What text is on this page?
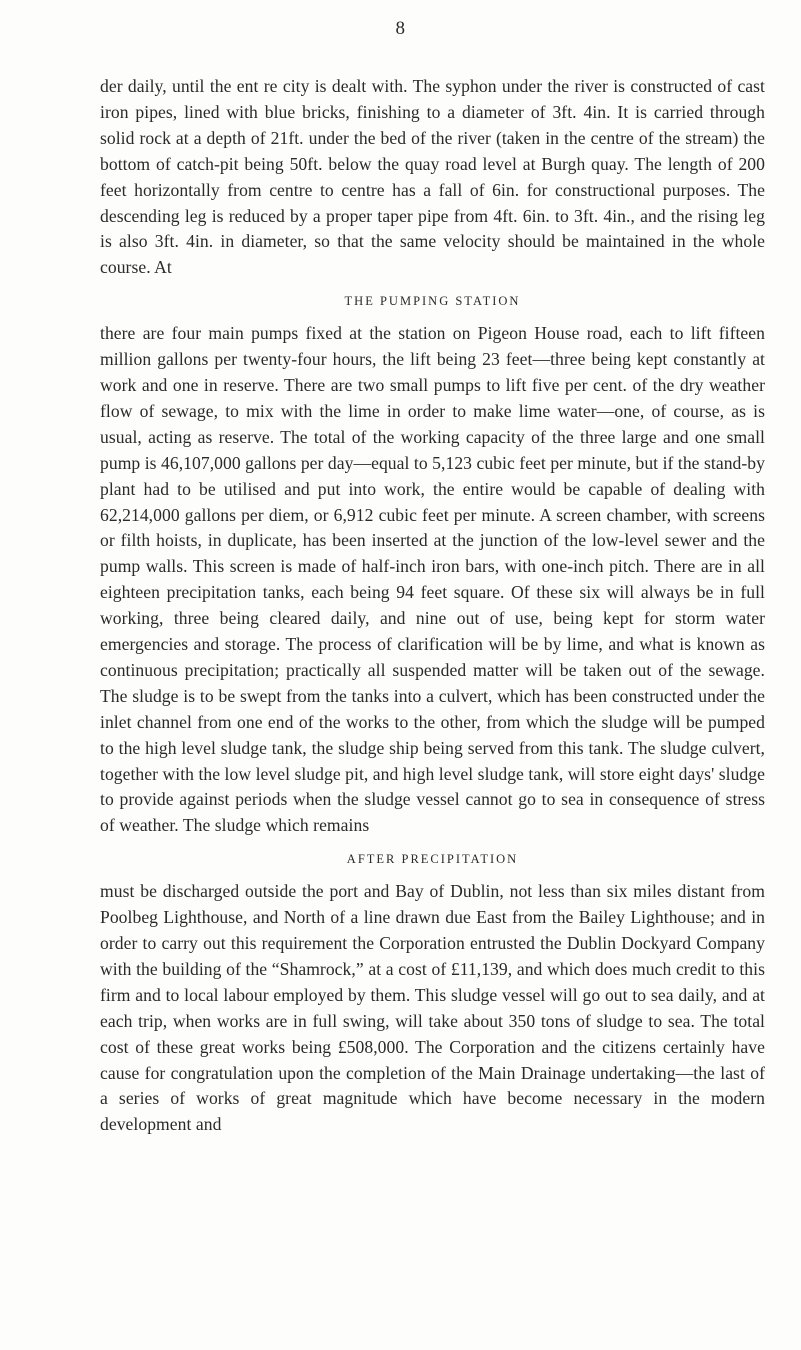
8

der daily, until the ent re city is dealt with. The syphon under the river is constructed of cast iron pipes, lined with blue bricks, finishing to a diameter of 3ft. 4in. It is carried through solid rock at a depth of 21ft. under the bed of the river (taken in the centre of the stream) the bottom of catch-pit being 50ft. below the quay road level at Burgh quay. The length of 200 feet horizontally from centre to centre has a fall of 6in. for constructional purposes. The descending leg is reduced by a proper taper pipe from 4ft. 6in. to 3ft. 4in., and the rising leg is also 3ft. 4in. in diameter, so that the same velocity should be maintained in the whole course. At

THE PUMPING STATION

there are four main pumps fixed at the station on Pigeon House road, each to lift fifteen million gallons per twenty-four hours, the lift being 23 feet—three being kept constantly at work and one in reserve. There are two small pumps to lift five per cent. of the dry weather flow of sewage, to mix with the lime in order to make lime water—one, of course, as is usual, acting as reserve. The total of the working capacity of the three large and one small pump is 46,107,000 gallons per day—equal to 5,123 cubic feet per minute, but if the stand-by plant had to be utilised and put into work, the entire would be capable of dealing with 62,214,000 gallons per diem, or 6,912 cubic feet per minute. A screen chamber, with screens or filth hoists, in duplicate, has been inserted at the junction of the low-level sewer and the pump walls. This screen is made of half-inch iron bars, with one-inch pitch. There are in all eighteen precipitation tanks, each being 94 feet square. Of these six will always be in full working, three being cleared daily, and nine out of use, being kept for storm water emergencies and storage. The process of clarification will be by lime, and what is known as continuous precipitation; practically all suspended matter will be taken out of the sewage. The sludge is to be swept from the tanks into a culvert, which has been constructed under the inlet channel from one end of the works to the other, from which the sludge will be pumped to the high level sludge tank, the sludge ship being served from this tank. The sludge culvert, together with the low level sludge pit, and high level sludge tank, will store eight days' sludge to provide against periods when the sludge vessel cannot go to sea in consequence of stress of weather. The sludge which remains

AFTER PRECIPITATION

must be discharged outside the port and Bay of Dublin, not less than six miles distant from Poolbeg Lighthouse, and North of a line drawn due East from the Bailey Lighthouse; and in order to carry out this requirement the Corporation entrusted the Dublin Dockyard Company with the building of the “Shamrock,” at a cost of £11,139, and which does much credit to this firm and to local labour employed by them. This sludge vessel will go out to sea daily, and at each trip, when works are in full swing, will take about 350 tons of sludge to sea. The total cost of these great works being £508,000. The Corporation and the citizens certainly have cause for congratulation upon the completion of the Main Drainage undertaking—the last of a series of works of great magnitude which have become necessary in the modern development and
